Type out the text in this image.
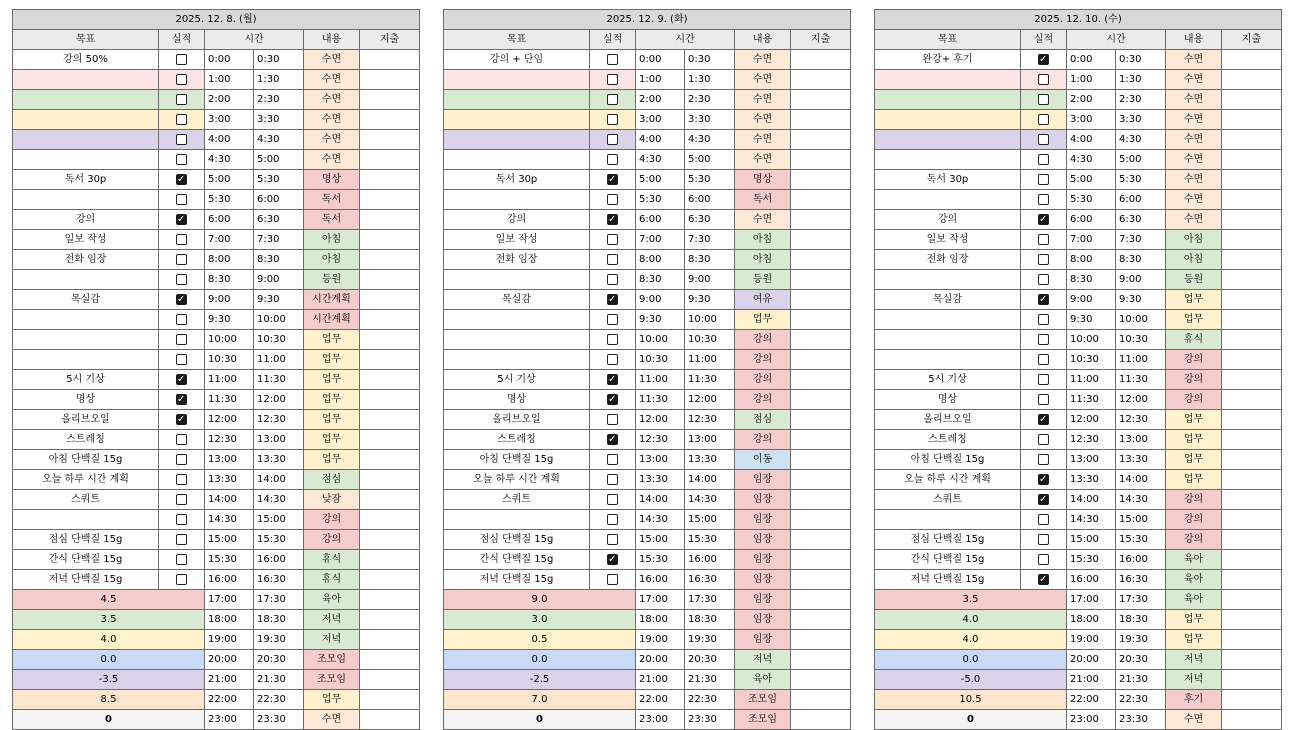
2025. 12. 8. (월)					
목표	실적	시간		내용	지출
강의 50%		0:00	0:30	수면	
		1:00	1:30	수면	
		2:00	2:30	수면	
		3:00	3:30	수면	
		4:00	4:30	수면	
		4:30	5:00	수면	
독서 30p	✓	5:00	5:30	명상	
		5:30	6:00	독서	
강의	✓	6:00	6:30	독서	
일보 작성		7:00	7:30	아침	
전화 임장		8:00	8:30	아침	
		8:30	9:00	등원	
목실감	✓	9:00	9:30	시간계획	
		9:30	10:00	시간계획	
		10:00	10:30	업무	
		10:30	11:00	업무	
5시 기상	✓	11:00	11:30	업무	
명상	✓	11:30	12:00	업무	
올리브오일	✓	12:00	12:30	업무	
스트레칭		12:30	13:00	업무	
아침 단백질 15g		13:00	13:30	업무	
오늘 하루 시간 계획		13:30	14:00	점심	
스쿼트		14:00	14:30	낮잠	
		14:30	15:00	강의	
점심 단백질 15g		15:00	15:30	강의	
간식 단백질 15g		15:30	16:00	휴식	
저녁 단백질 15g		16:00	16:30	휴식	
4.5		17:00	17:30	육아	
3.5		18:00	18:30	저녁	
4.0		19:00	19:30	저녁	
0.0		20:00	20:30	조모임	
-3.5		21:00	21:30	조모임	
8.5		22:00	22:30	업무	
0		23:00	23:30	수면	
2025. 12. 9. (화)					
목표	실적	시간		내용	지출
강의 + 단임		0:00	0:30	수면	
		1:00	1:30	수면	
		2:00	2:30	수면	
		3:00	3:30	수면	
		4:00	4:30	수면	
		4:30	5:00	수면	
독서 30p	✓	5:00	5:30	명상	
		5:30	6:00	독서	
강의	✓	6:00	6:30	수면	
일보 작성		7:00	7:30	아침	
전화 임장		8:00	8:30	아침	
		8:30	9:00	등원	
목실감	✓	9:00	9:30	여유	
		9:30	10:00	업무	
		10:00	10:30	강의	
		10:30	11:00	강의	
5시 기상	✓	11:00	11:30	강의	
명상	✓	11:30	12:00	강의	
올리브오일		12:00	12:30	점심	
스트레칭	✓	12:30	13:00	강의	
아침 단백질 15g		13:00	13:30	이동	
오늘 하루 시간 계획		13:30	14:00	임장	
스쿼트		14:00	14:30	임장	
		14:30	15:00	임장	
점심 단백질 15g		15:00	15:30	임장	
간식 단백질 15g	✓	15:30	16:00	임장	
저녁 단백질 15g		16:00	16:30	임장	
9.0		17:00	17:30	임장	
3.0		18:00	18:30	임장	
0.5		19:00	19:30	임장	
0.0		20:00	20:30	저녁	
-2.5		21:00	21:30	육아	
7.0		22:00	22:30	조모임	
0		23:00	23:30	조모임	
2025. 12. 10. (수)					
목표	실적	시간		내용	지출
완강+ 후기	✓	0:00	0:30	수면	
		1:00	1:30	수면	
		2:00	2:30	수면	
		3:00	3:30	수면	
		4:00	4:30	수면	
		4:30	5:00	수면	
독서 30p		5:00	5:30	수면	
		5:30	6:00	수면	
강의	✓	6:00	6:30	수면	
일보 작성		7:00	7:30	아침	
전화 임장		8:00	8:30	아침	
		8:30	9:00	등원	
목실감	✓	9:00	9:30	업무	
		9:30	10:00	업무	
		10:00	10:30	휴식	
		10:30	11:00	강의	
5시 기상		11:00	11:30	강의	
명상		11:30	12:00	강의	
올리브오일	✓	12:00	12:30	업무	
스트레칭		12:30	13:00	업무	
아침 단백질 15g		13:00	13:30	업무	
오늘 하루 시간 계획	✓	13:30	14:00	업무	
스쿼트	✓	14:00	14:30	강의	
		14:30	15:00	강의	
점심 단백질 15g		15:00	15:30	강의	
간식 단백질 15g		15:30	16:00	육아	
저녁 단백질 15g	✓	16:00	16:30	육아	
3.5		17:00	17:30	육아	
4.0		18:00	18:30	업무	
4.0		19:00	19:30	업무	
0.0		20:00	20:30	저녁	
-5.0		21:00	21:30	저녁	
10.5		22:00	22:30	후기	
0		23:00	23:30	수면	
